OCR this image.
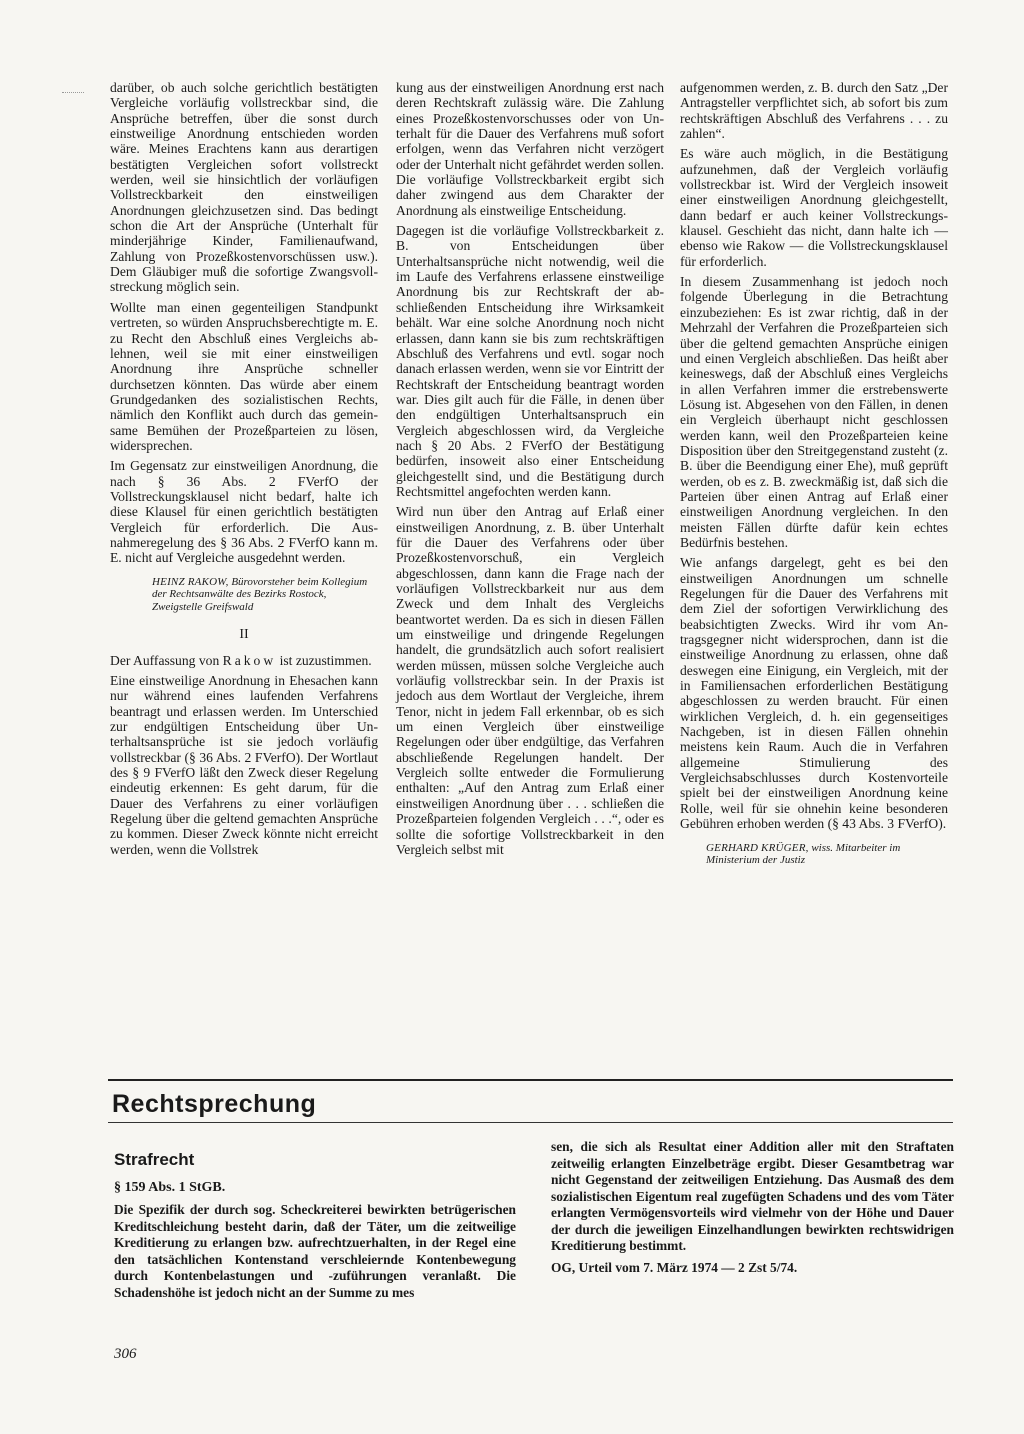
darüber, ob auch solche gerichtlich bestätigten Vergleiche vorläufig vollstreckbar sind, die Ansprüche betreffen, über die sonst durch einstweilige Anordnung entschieden worden wäre. Meines Erachtens kann aus derartigen bestätigten Vergleichen sofort vollstreckt werden, weil sie hinsichtlich der vorläufigen Vollstreckbarkeit den einstweiligen Anordnungen gleichzusetzen sind. Das bedingt schon die Art der Ansprüche (Unterhalt für minderjährige Kinder, Familienaufwand, Zahlung von Prozeßkostenvorschüssen usw.). Dem Gläubiger muß die sofortige Zwangsvollstreckung möglich sein.

Wollte man einen gegenteiligen Standpunkt vertreten, so würden Anspruchsberechtigte m. E. zu Recht den Abschluß eines Vergleichs ablehnen, weil sie mit einer einstweiligen Anordnung ihre Ansprüche schneller durchsetzen könnten. Das würde aber einem Grundgedanken des sozialistischen Rechts, nämlich den Konflikt auch durch das gemeinsame Bemühen der Prozeßparteien zu lösen, widersprechen.

Im Gegensatz zur einstweiligen Anordnung, die nach § 36 Abs. 2 FVerfO der Vollstreckungsklausel nicht bedarf, halte ich diese Klausel für einen gerichtlich bestätigten Vergleich für erforderlich. Die Ausnahmeregelung des § 36 Abs. 2 FVerfO kann m. E. nicht auf Vergleiche ausgedehnt werden.

HEINZ RAKOW, Bürovorsteher beim Kollegium der Rechtsanwälte des Bezirks Rostock, Zweigstelle Greifswald
II

Der Auffassung von Rakow ist zuzustimmen.

Eine einstweilige Anordnung in Ehesachen kann nur während eines laufenden Verfahrens beantragt und erlassen werden. Im Unterschied zur endgültigen Entscheidung über Unterhaltsansprüche ist sie jedoch vorläufig vollstreckbar (§ 36 Abs. 2 FVerfO). Der Wortlaut des § 9 FVerfO läßt den Zweck dieser Regelung eindeutig erkennen: Es geht darum, für die Dauer des Verfahrens zu einer vorläufigen Regelung über die geltend gemachten Ansprüche zu kommen. Dieser Zweck könnte nicht erreicht werden, wenn die Vollstrek

kung aus der einstweiligen Anordnung erst nach deren Rechtskraft zulässig wäre. Die Zahlung eines Prozeßkostenvorschusses oder von Unterhalt für die Dauer des Verfahrens muß sofort erfolgen, wenn das Verfahren nicht verzögert oder der Unterhalt nicht gefährdet werden sollen. Die vorläufige Vollstreckbarkeit ergibt sich daher zwingend aus dem Charakter der Anordnung als einstweilige Entscheidung.

Dagegen ist die vorläufige Vollstreckbarkeit z. B. von Entscheidungen über Unterhaltsansprüche nicht notwendig, weil die im Laufe des Verfahrens erlassene einstweilige Anordnung bis zur Rechtskraft der abschließenden Entscheidung ihre Wirksamkeit behält. War eine solche Anordnung noch nicht erlassen, dann kann sie bis zum rechtskräftigen Abschluß des Verfahrens und evtl. sogar noch danach erlassen werden, wenn sie vor Eintritt der Rechtskraft der Entscheidung beantragt worden war. Dies gilt auch für die Fälle, in denen über den endgültigen Unterhaltsanspruch ein Vergleich abgeschlossen wird, da Vergleiche nach § 20 Abs. 2 FVerfO der Bestätigung bedürfen, insoweit also einer Entscheidung gleichgestellt sind, und die Bestätigung durch Rechtsmittel angefochten werden kann.

Wird nun über den Antrag auf Erlaß einer einstweiligen Anordnung, z. B. über Unterhalt für die Dauer des Verfahrens oder über Prozeßkostenvorschuß, ein Vergleich abgeschlossen, dann kann die Frage nach der vorläufigen Vollstreckbarkeit nur aus dem Zweck und dem Inhalt des Vergleichs beantwortet werden. Da es sich in diesen Fällen um einstweilige und dringende Regelungen handelt, die grundsätzlich auch sofort realisiert werden müssen, müssen solche Vergleiche auch vorläufig vollstreckbar sein. In der Praxis ist jedoch aus dem Wortlaut der Vergleiche, ihrem Tenor, nicht in jedem Fall erkennbar, ob es sich um einen Vergleich über einstweilige Regelungen oder über endgültige, das Verfahren abschließende Regelungen handelt. Der Vergleich sollte entweder die Formulierung enthalten: „Auf den Antrag zum Erlaß einer einstweiligen Anordnung über . . . schließen die Prozeßparteien folgenden Vergleich . . .“, oder es sollte die sofortige Vollstreckbarkeit in den Vergleich selbst mit

aufgenommen werden, z. B. durch den Satz „Der Antragsteller verpflichtet sich, ab sofort bis zum rechtskräftigen Abschluß des Verfahrens . . . zu zahlen“.

Es wäre auch möglich, in die Bestätigung aufzunehmen, daß der Vergleich vorläufig vollstreckbar ist. Wird der Vergleich insoweit einer einstweiligen Anordnung gleichgestellt, dann bedarf er auch keiner Vollstreckungsklausel. Geschieht das nicht, dann halte ich — ebenso wie Rakow — die Vollstreckungsklausel für erforderlich.

In diesem Zusammenhang ist jedoch noch folgende Überlegung in die Betrachtung einzubeziehen: Es ist zwar richtig, daß in der Mehrzahl der Verfahren die Prozeßparteien sich über die geltend gemachten Ansprüche einigen und einen Vergleich abschließen. Das heißt aber keineswegs, daß der Abschluß eines Vergleichs in allen Verfahren immer die erstrebenswerte Lösung ist. Abgesehen von den Fällen, in denen ein Vergleich überhaupt nicht geschlossen werden kann, weil den Prozeßparteien keine Disposition über den Streitgegenstand zusteht (z. B. über die Beendigung einer Ehe), muß geprüft werden, ob es z. B. zweckmäßig ist, daß sich die Parteien über einen Antrag auf Erlaß einer einstweiligen Anordnung vergleichen. In den meisten Fällen dürfte dafür kein echtes Bedürfnis bestehen.

Wie anfangs dargelegt, geht es bei den einstweiligen Anordnungen um schnelle Regelungen für die Dauer des Verfahrens mit dem Ziel der sofortigen Verwirklichung des beabsichtigten Zwecks. Wird ihr vom Antragsgegner nicht widersprochen, dann ist die einstweilige Anordnung zu erlassen, ohne daß deswegen eine Einigung, ein Vergleich, mit der in Familiensachen erforderlichen Bestätigung abgeschlossen zu werden braucht. Für einen wirklichen Vergleich, d. h. ein gegenseitiges Nachgeben, ist in diesen Fällen ohnehin meistens kein Raum. Auch die in Verfahren allgemeine Stimulierung des Vergleichsabschlusses durch Kostenvorteile spielt bei der einstweiligen Anordnung keine Rolle, weil für sie ohnehin keine besonderen Gebühren erhoben werden (§ 43 Abs. 3 FVerfO).

GERHARD KRÜGER, wiss. Mitarbeiter im Ministerium der Justiz
Rechtsprechung
Strafrecht
§ 159 Abs. 1 StGB.

Die Spezifik der durch sog. Scheckreiterei bewirkten betrügerischen Kreditschleichung besteht darin, daß der Täter, um die zeitweilige Kreditierung zu erlangen bzw. aufrechtzuerhalten, in der Regel eine den tatsächlichen Kontenstand verschleiernde Kontenbewegung durch Kontenbelastungen und -zuführungen veranlaßt. Die Schadenshöhe ist jedoch nicht an der Summe zu mes

sen, die sich als Resultat einer Addition aller mit den Straftaten zeitweilig erlangten Einzelbeträge ergibt. Dieser Gesamtbetrag war nicht Gegenstand der zeitweiligen Entziehung. Das Ausmaß des dem sozialistischen Eigentum real zugefügten Schadens und des vom Täter erlangten Vermögensvorteils wird vielmehr von der Höhe und Dauer der durch die jeweiligen Einzelhandlungen bewirkten rechtswidrigen Kreditierung bestimmt.

OG, Urteil vom 7. März 1974 — 2 Zst 5/74.

306
